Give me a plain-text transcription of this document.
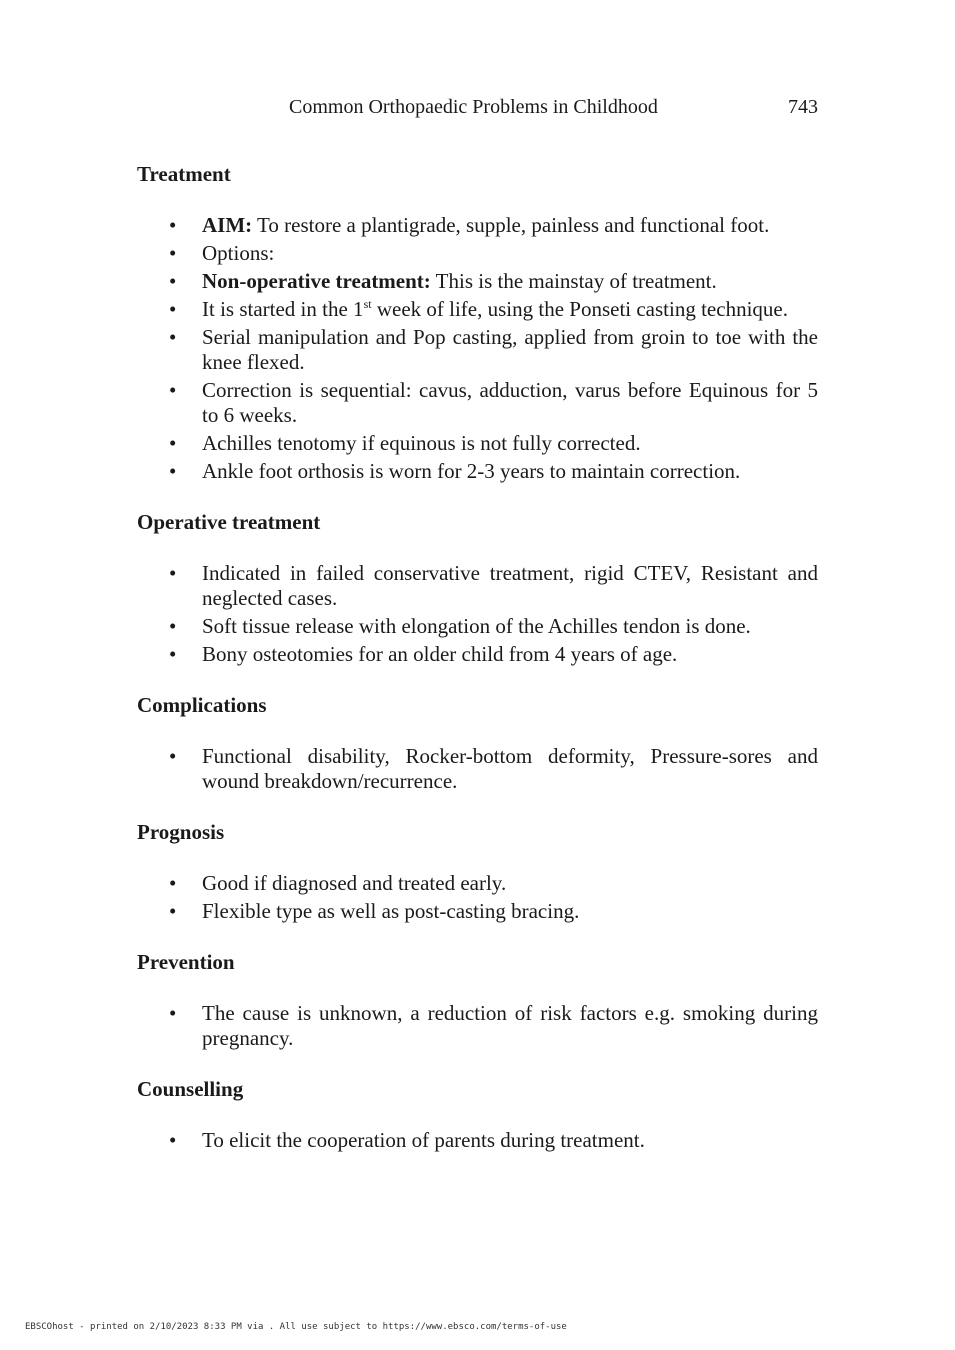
Common Orthopaedic Problems in Childhood	743
Treatment
• AIM: To restore a plantigrade, supple, painless and functional foot.
• Options:
• Non-operative treatment: This is the mainstay of treatment.
• It is started in the 1st week of life, using the Ponseti casting technique.
• Serial manipulation and Pop casting, applied from groin to toe with the knee flexed.
• Correction is sequential: cavus, adduction, varus before Equinous for 5 to 6 weeks.
• Achilles tenotomy if equinous is not fully corrected.
• Ankle foot orthosis is worn for 2-3 years to maintain correction.
Operative treatment
• Indicated in failed conservative treatment, rigid CTEV, Resistant and neglected cases.
• Soft tissue release with elongation of the Achilles tendon is done.
• Bony osteotomies for an older child from 4 years of age.
Complications
• Functional disability, Rocker-bottom deformity, Pressure-sores and wound breakdown/recurrence.
Prognosis
• Good if diagnosed and treated early.
• Flexible type as well as post-casting bracing.
Prevention
• The cause is unknown, a reduction of risk factors e.g. smoking during pregnancy.
Counselling
• To elicit the cooperation of parents during treatment.
EBSCOhost - printed on 2/10/2023 8:33 PM via . All use subject to https://www.ebsco.com/terms-of-use
